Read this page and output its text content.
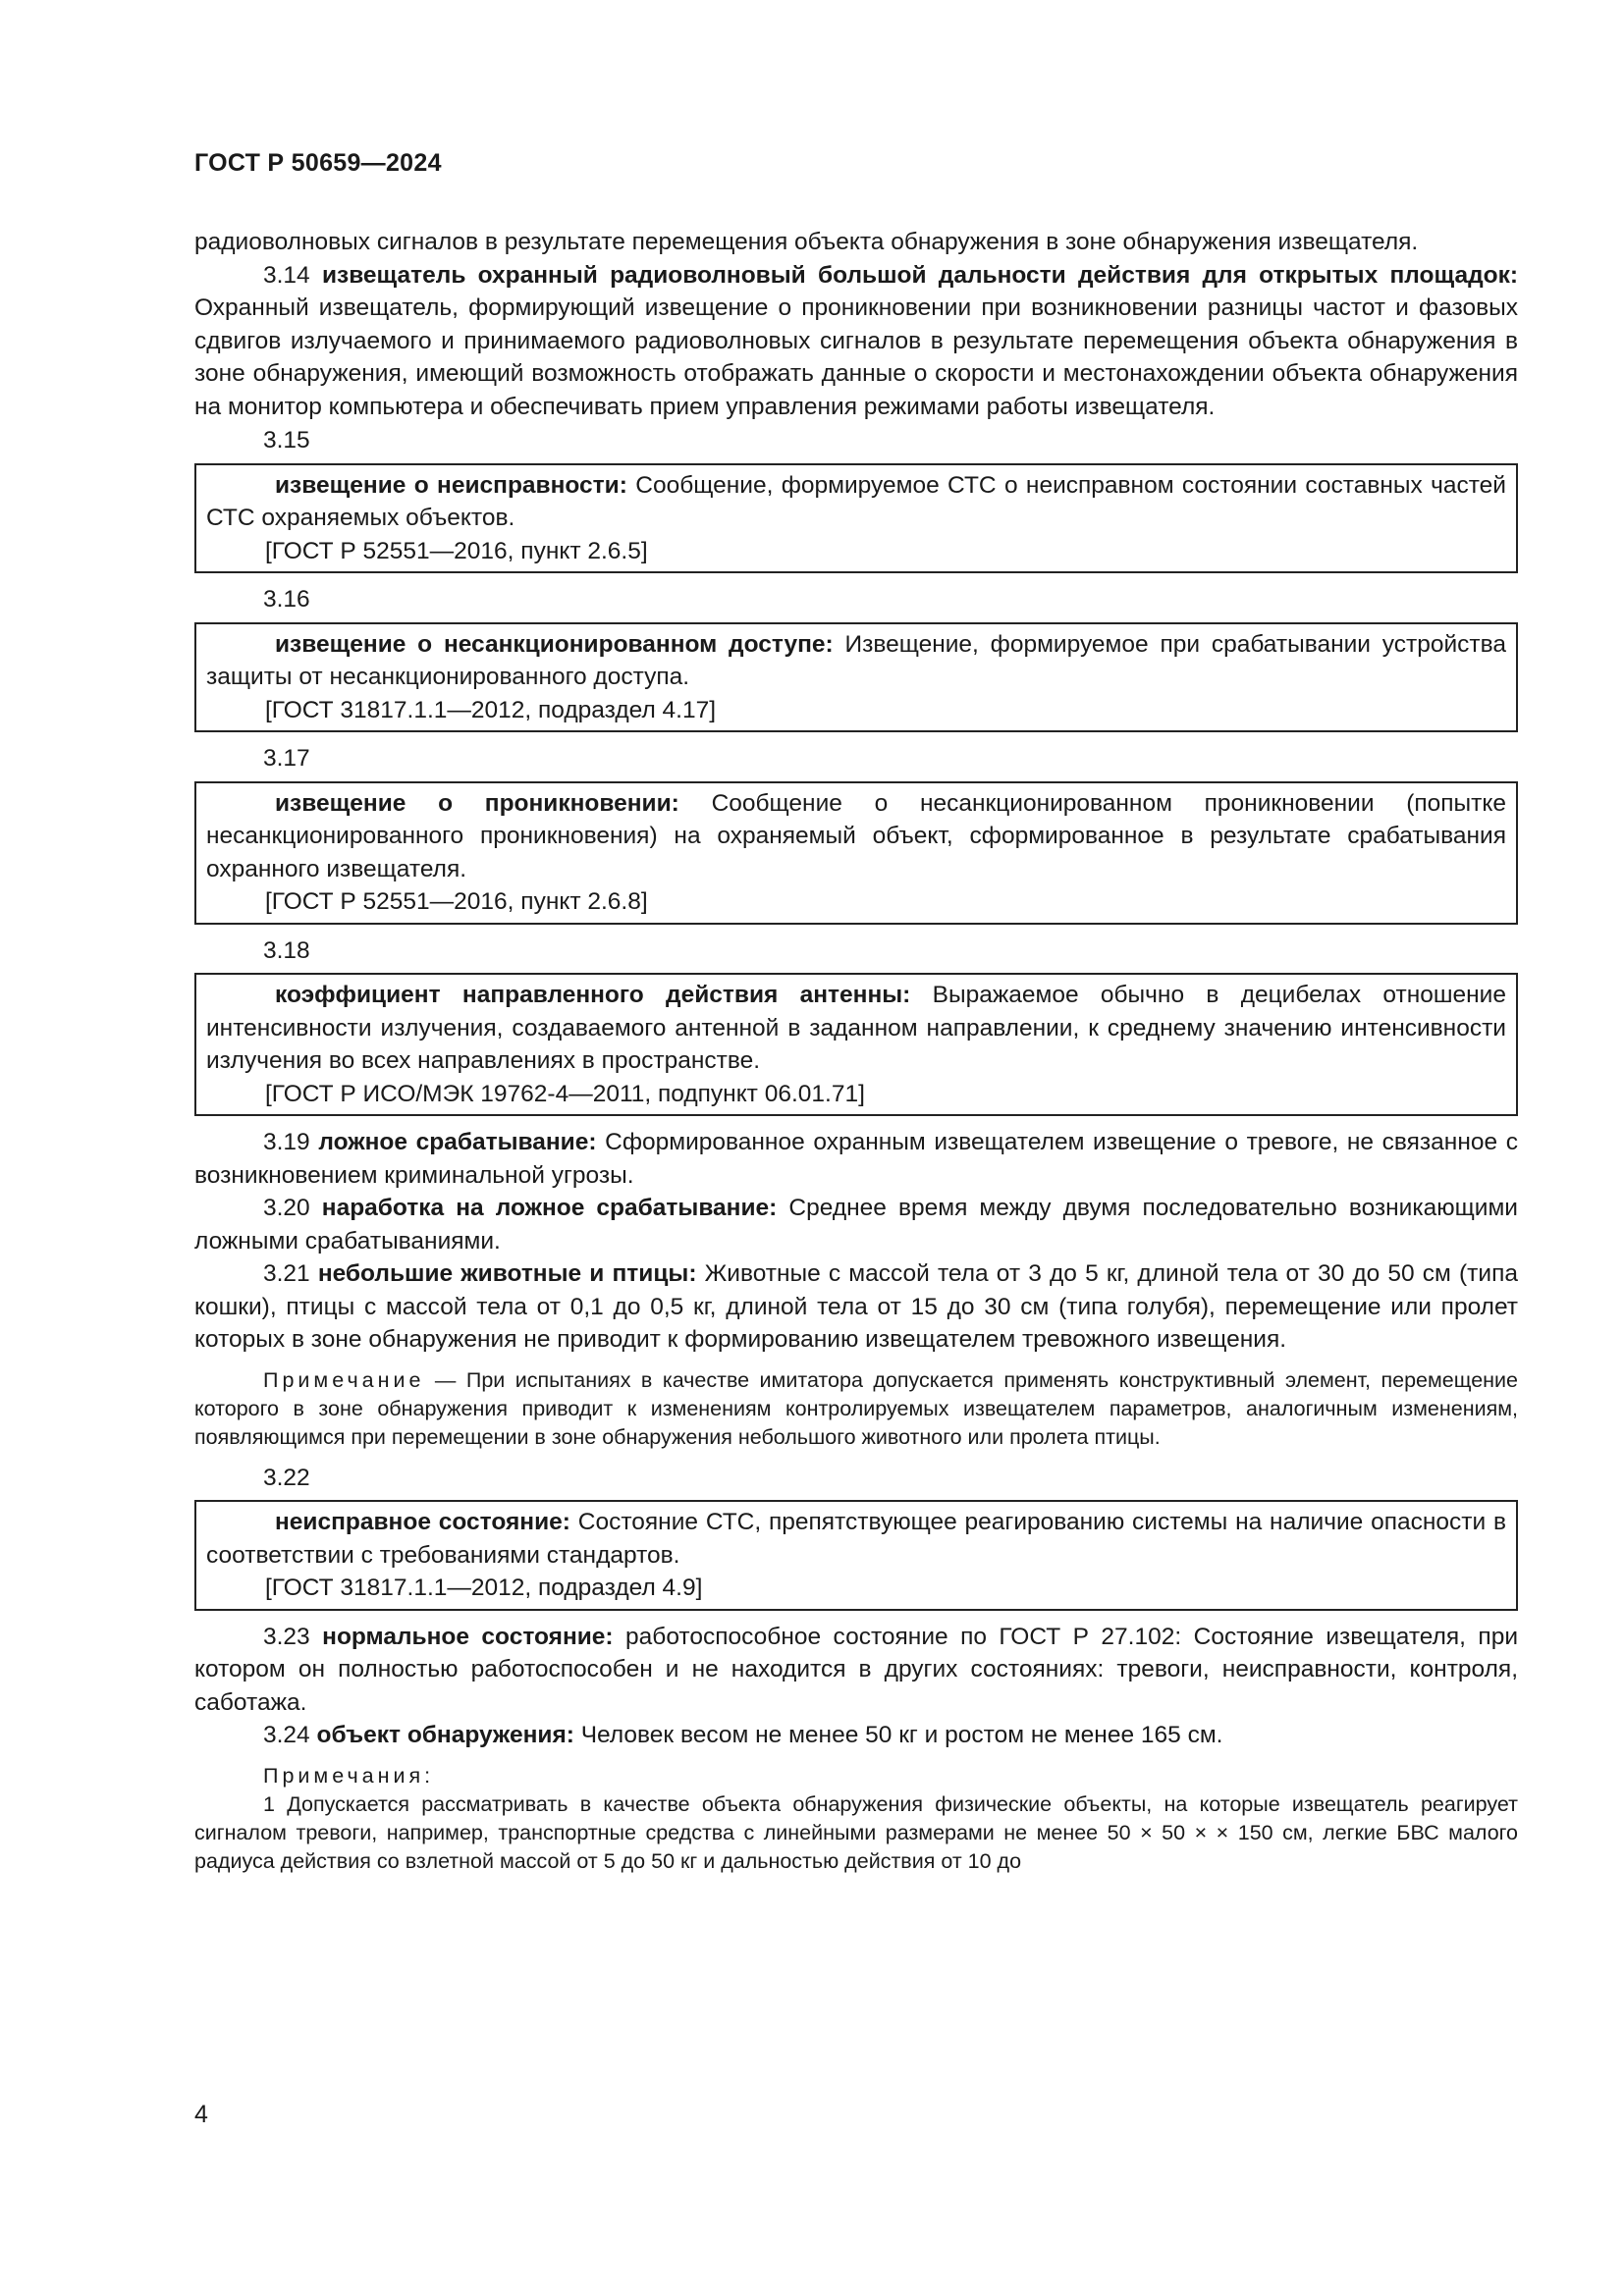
ГОСТ Р 50659—2024

радиоволновых сигналов в результате перемещения объекта обнаружения в зоне обнаружения извещателя.

3.14 извещатель охранный радиоволновый большой дальности действия для открытых площадок: Охранный извещатель, формирующий извещение о проникновении при возникновении разницы частот и фазовых сдвигов излучаемого и принимаемого радиоволновых сигналов в результате перемещения объекта обнаружения в зоне обнаружения, имеющий возможность отображать данные о скорости и местонахождении объекта обнаружения на монитор компьютера и обеспечивать прием управления режимами работы извещателя.

3.15

извещение о неисправности: Сообщение, формируемое СТС о неисправном состоянии составных частей СТС охраняемых объектов.

[ГОСТ Р 52551—2016, пункт 2.6.5]
3.16

извещение о несанкционированном доступе: Извещение, формируемое при срабатывании устройства защиты от несанкционированного доступа.

[ГОСТ 31817.1.1—2012, подраздел 4.17]
3.17

извещение о проникновении: Сообщение о несанкционированном проникновении (попытке несанкционированного проникновения) на охраняемый объект, сформированное в результате срабатывания охранного извещателя.

[ГОСТ Р 52551—2016, пункт 2.6.8]
3.18

коэффициент направленного действия антенны: Выражаемое обычно в децибелах отношение интенсивности излучения, создаваемого антенной в заданном направлении, к среднему значению интенсивности излучения во всех направлениях в пространстве.

[ГОСТ Р ИСО/МЭК 19762-4—2011, подпункт 06.01.71]

3.19 ложное срабатывание: Сформированное охранным извещателем извещение о тревоге, не связанное с возникновением криминальной угрозы.

3.20 наработка на ложное срабатывание: Среднее время между двумя последовательно возникающими ложными срабатываниями.

3.21 небольшие животные и птицы: Животные с массой тела от 3 до 5 кг, длиной тела от 30 до 50 см (типа кошки), птицы с массой тела от 0,1 до 0,5 кг, длиной тела от 15 до 30 см (типа голубя), перемещение или пролет которых в зоне обнаружения не приводит к формированию извещателем тревожного извещения.

Примечание — При испытаниях в качестве имитатора допускается применять конструктивный элемент, перемещение которого в зоне обнаружения приводит к изменениям контролируемых извещателем параметров, аналогичным изменениям, появляющимся при перемещении в зоне обнаружения небольшого животного или пролета птицы.

3.22

неисправное состояние: Состояние СТС, препятствующее реагированию системы на наличие опасности в соответствии с требованиями стандартов.

[ГОСТ 31817.1.1—2012, подраздел 4.9]

3.23 нормальное состояние: работоспособное состояние по ГОСТ Р 27.102: Состояние извещателя, при котором он полностью работоспособен и не находится в других состояниях: тревоги, неисправности, контроля, саботажа.

3.24 объект обнаружения: Человек весом не менее 50 кг и ростом не менее 165 см.

Примечания:

1 Допускается рассматривать в качестве объекта обнаружения физические объекты, на которые извещатель реагирует сигналом тревоги, например, транспортные средства с линейными размерами не менее 50 × 50 × × 150 см, легкие БВС малого радиуса действия со взлетной массой от 5 до 50 кг и дальностью действия от 10 до

4
